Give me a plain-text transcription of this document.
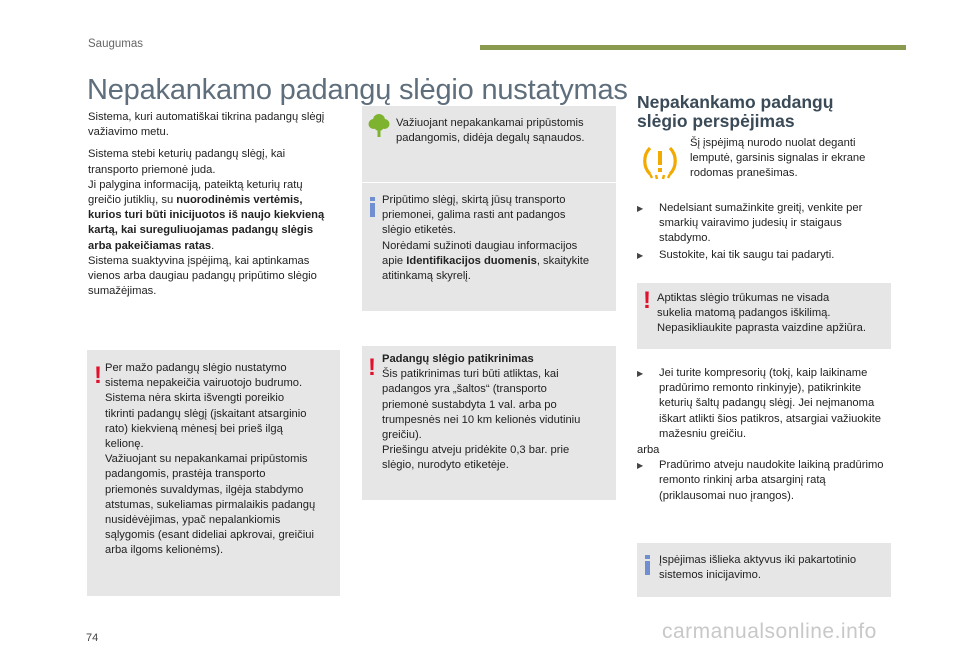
Saugumas
Nepakankamo padangų slėgio nustatymas

Sistema, kuri automatiškai tikrina padangų slėgį važiavimo metu.

Sistema stebi keturių padangų slėgį, kai transporto priemonė juda.
Ji palygina informaciją, pateiktą keturių ratų greičio jutiklių, su nuorodinėmis vertėmis, kurios turi būti inicijuotos iš naujo kiekvieną kartą, kai sureguliuojamas padangų slėgis arba pakeičiamas ratas.
Sistema suaktyvina įspėjimą, kai aptinkamas vienos arba daugiau padangų pripūtimo slėgio sumažėjimas.

! Per mažo padangų slėgio nustatymo
sistema nepakeičia vairuotojo budrumo.
Sistema nėra skirta išvengti poreikio
tikrinti padangų slėgį (įskaitant atsarginio
rato) kiekvieną mėnesį bei prieš ilgą
kelionę.
Važiuojant su nepakankamai pripūstomis
padangomis, prastėja transporto
priemonės suvaldymas, ilgėja stabdymo
atstumas, sukeliamas pirmalaikis padangų
nusidėvėjimas, ypač nepalankiomis
sąlygomis (esant dideliai apkrovai, greičiui
arba ilgoms kelionėms).
Važiuojant nepakankamai pripūstomis
padangomis, didėja degalų sąnaudos.
Pripūtimo slėgį, skirtą jūsų transporto
priemonei, galima rasti ant padangos
slėgio etiketės.
Norėdami sužinoti daugiau informacijos
apie Identifikacijos duomenis, skaitykite
atitinkamą skyrelį.
! Padangų slėgio patikrinimas
Šis patikrinimas turi būti atliktas, kai
padangos yra „šaltos“ (transporto
priemonė sustabdyta 1 val. arba po
trumpesnės nei 10 km kelionės vidutiniu
greičiu).
Priešingu atveju pridėkite 0,3 bar. prie
slėgio, nurodyto etiketėje.
Nepakankamo padangų
slėgio perspėjimas
Šį įspėjimą nurodo nuolat deganti lemputė, garsinis signalas ir ekrane rodomas pranešimas.
▶ Nedelsiant sumažinkite greitį, venkite per smarkių vairavimo judesių ir staigaus stabdymo.
▶ Sustokite, kai tik saugu tai padaryti.
! Aptiktas slėgio trūkumas ne visada
sukelia matomą padangos iškilimą.
Nepasikliaukite paprasta vaizdine apžiūra.
▶ Jei turite kompresorių (tokį, kaip laikiname pradūrimo remonto rinkinyje), patikrinkite keturių šaltų padangų slėgį. Jei neįmanoma iškart atlikti šios patikros, atsargiai važiuokite mažesniu greičiu.
arba
▶ Pradūrimo atveju naudokite laikiną pradūrimo remonto rinkinį arba atsarginį ratą (priklausomai nuo įrangos).
Įspėjimas išlieka aktyvus iki pakartotinio
sistemos inicijavimo.
74	carmanualsonline.info
